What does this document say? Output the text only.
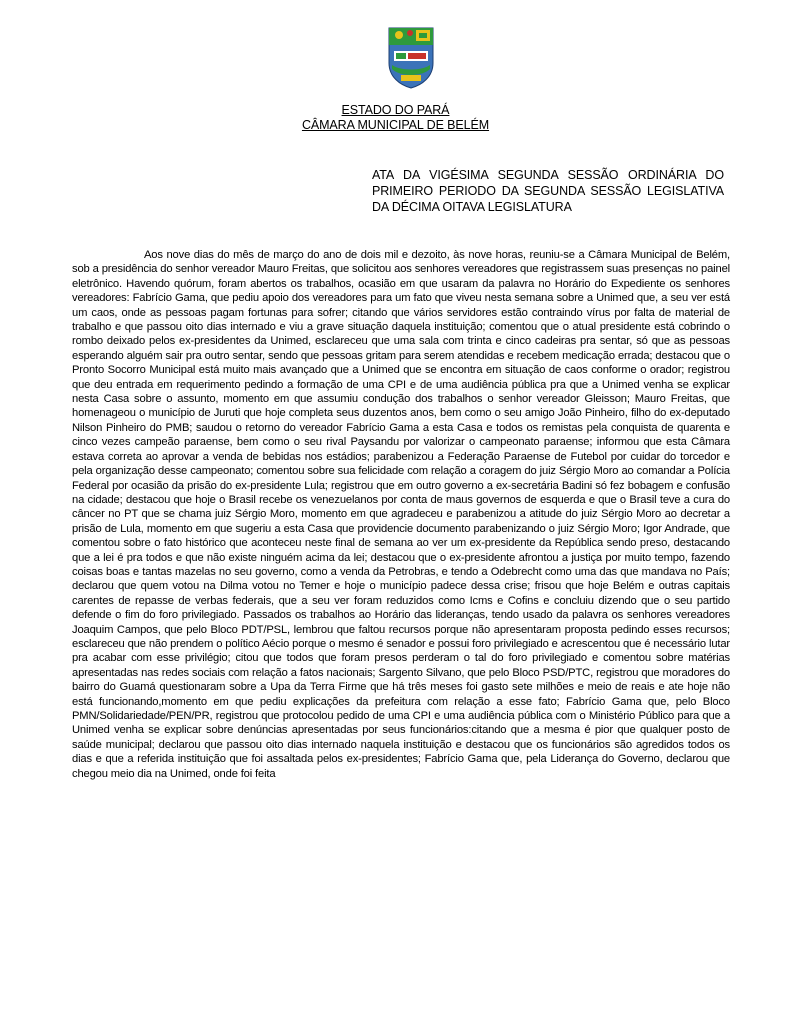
ESTADO DO PARÁ
CÂMARA MUNICIPAL DE BELÉM
ATA DA VIGÉSIMA SEGUNDA SESSÃO ORDINÁRIA DO PRIMEIRO PERIODO DA SEGUNDA SESSÃO LEGISLATIVA DA DÉCIMA OITAVA LEGISLATURA
Aos nove dias do mês de março do ano de dois mil e dezoito, às nove horas, reuniu-se a Câmara Municipal de Belém, sob a presidência do senhor vereador Mauro Freitas, que solicitou aos senhores vereadores que registrassem suas presenças no painel eletrônico. Havendo quórum, foram abertos os trabalhos, ocasião em que usaram da palavra no Horário do Expediente os senhores vereadores: Fabrício Gama, que pediu apoio dos vereadores para um fato que viveu nesta semana sobre a Unimed que, a seu ver está um caos, onde as pessoas pagam fortunas para sofrer; citando que vários servidores estão contraindo vírus por falta de material de trabalho e que passou oito dias internado e viu a grave situação daquela instituição; comentou que o atual presidente está cobrindo o rombo deixado pelos ex-presidentes da Unimed, esclareceu que uma sala com trinta e cinco cadeiras pra sentar, só que as pessoas esperando alguém sair pra outro sentar, sendo que pessoas gritam para serem atendidas e recebem medicação errada; destacou que o Pronto Socorro Municipal está muito mais avançado que a Unimed que se encontra em situação de caos conforme o orador; registrou que deu entrada em requerimento pedindo a formação de uma CPI e de uma audiência pública pra que a Unimed venha se explicar nesta Casa sobre o assunto, momento em que assumiu condução dos trabalhos o senhor vereador Gleisson; Mauro Freitas, que homenageou o município de Juruti que hoje completa seus duzentos anos, bem como o seu amigo João Pinheiro, filho do ex-deputado Nilson Pinheiro do PMB; saudou o retorno do vereador Fabrício Gama a esta Casa e todos os remistas pela conquista de quarenta e cinco vezes campeão paraense, bem como o seu rival Paysandu por valorizar o campeonato paraense; informou que esta Câmara estava correta ao aprovar a venda de bebidas nos estádios; parabenizou a Federação Paraense de Futebol por cuidar do torcedor e pela organização desse campeonato; comentou sobre sua felicidade com relação a coragem do juiz Sérgio Moro ao comandar a Polícia Federal por ocasião da prisão do ex-presidente Lula; registrou que em outro governo a ex-secretária Badini só fez bobagem e confusão na cidade; destacou que hoje o Brasil recebe os venezuelanos por conta de maus governos de esquerda e que o Brasil teve a cura do câncer no PT que se chama juiz Sérgio Moro, momento em que agradeceu e parabenizou a atitude do juiz Sérgio Moro ao decretar a prisão de Lula, momento em que sugeriu a esta Casa que providencie documento parabenizando o juiz Sérgio Moro; Igor Andrade, que comentou sobre o fato histórico que aconteceu neste final de semana ao ver um ex-presidente da República sendo preso, destacando que a lei é pra todos e que não existe ninguém acima da lei; destacou que o ex-presidente afrontou a justiça por muito tempo, fazendo coisas boas e tantas mazelas no seu governo, como a venda da Petrobras, e tendo a Odebrecht como uma das que mandava no País; declarou que quem votou na Dilma votou no Temer e hoje o município padece dessa crise; frisou que hoje Belém e outras capitais carentes de repasse de verbas federais, que a seu ver foram reduzidos como Icms e Cofins e concluiu dizendo que o seu partido defende o fim do foro privilegiado. Passados os trabalhos ao Horário das lideranças, tendo usado da palavra os senhores vereadores Joaquim Campos, que pelo Bloco PDT/PSL, lembrou que faltou recursos porque não apresentaram proposta pedindo esses recursos; esclareceu que não prendem o político Aécio porque o mesmo é senador e possui foro privilegiado e acrescentou que é necessário lutar pra acabar com esse privilégio; citou que todos que foram presos perderam o tal do foro privilegiado e comentou sobre matérias apresentadas nas redes sociais com relação a fatos nacionais; Sargento Silvano, que pelo Bloco PSD/PTC, registrou que moradores do bairro do Guamá questionaram sobre a Upa da Terra Firme que há três meses foi gasto sete milhões e meio de reais e ate hoje não está funcionando,momento em que pediu explicações da prefeitura com relação a esse fato; Fabrício Gama que, pelo Bloco PMN/Solidariedade/PEN/PR, registrou que protocolou pedido de uma CPI e uma audiência pública com o Ministério Público para que a Unimed venha se explicar sobre denúncias apresentadas por seus funcionários:citando que a mesma é pior que qualquer posto de saúde municipal; declarou que passou oito dias internado naquela instituição e destacou que os funcionários são agredidos todos os dias e que a referida instituição que foi assaltada pelos ex-presidentes; Fabrício Gama que, pela Liderança do Governo, declarou que chegou meio dia na Unimed, onde foi feita
